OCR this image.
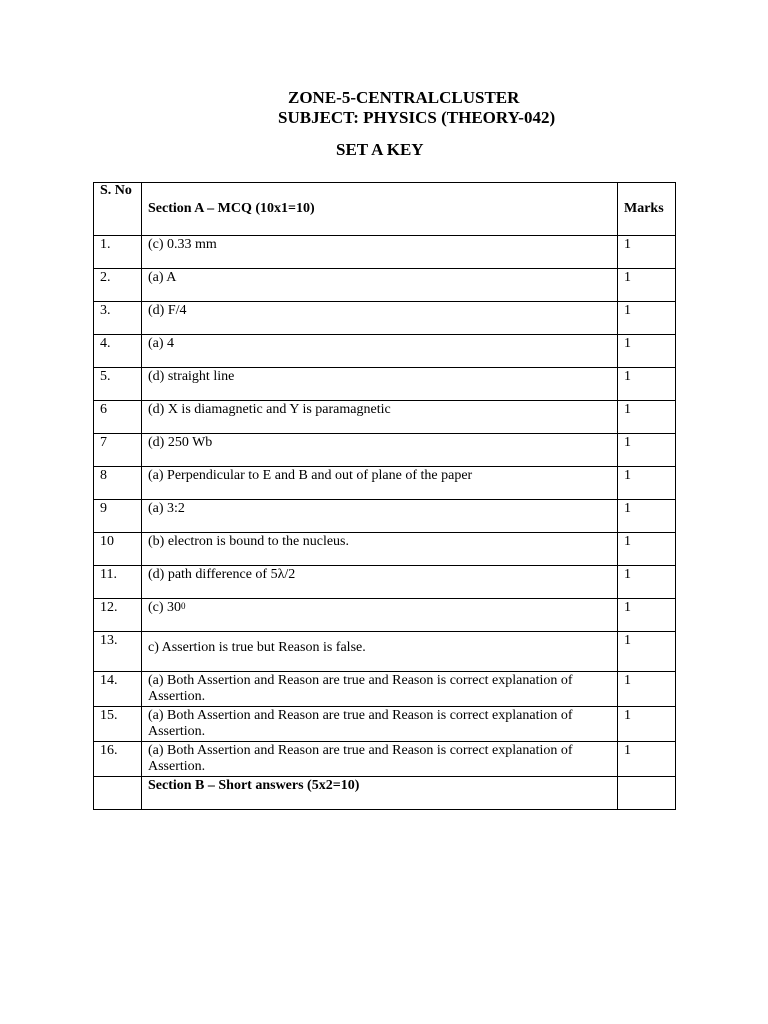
ZONE-5-CENTRALCLUSTER
SUBJECT: PHYSICS (THEORY-042)
SET A KEY
S. No	Section A – MCQ (10x1=10)	Marks
1.	(c) 0.33 mm	1
2.	(a) A	1
3.	(d) F/4	1
4.	(a) 4	1
5.	(d) straight line	1
6	(d) X is diamagnetic and Y is paramagnetic	1
7	(d) 250 Wb	1
8	(a) Perpendicular to E and B and out of plane of the paper	1
9	(a) 3:2	1
10	(b) electron is bound to the nucleus.	1
11.	(d) path difference of 5λ/2	1
12.	(c) $30^0$	1
13.	c) Assertion is true but Reason is false.	1
14.	(a) Both Assertion and Reason are true and Reason is correct explanation of Assertion.	1
15.	(a) Both Assertion and Reason are true and Reason is correct explanation of Assertion.	1
16.	(a) Both Assertion and Reason are true and Reason is correct explanation of Assertion.	1
	Section B – Short answers (5x2=10)	
